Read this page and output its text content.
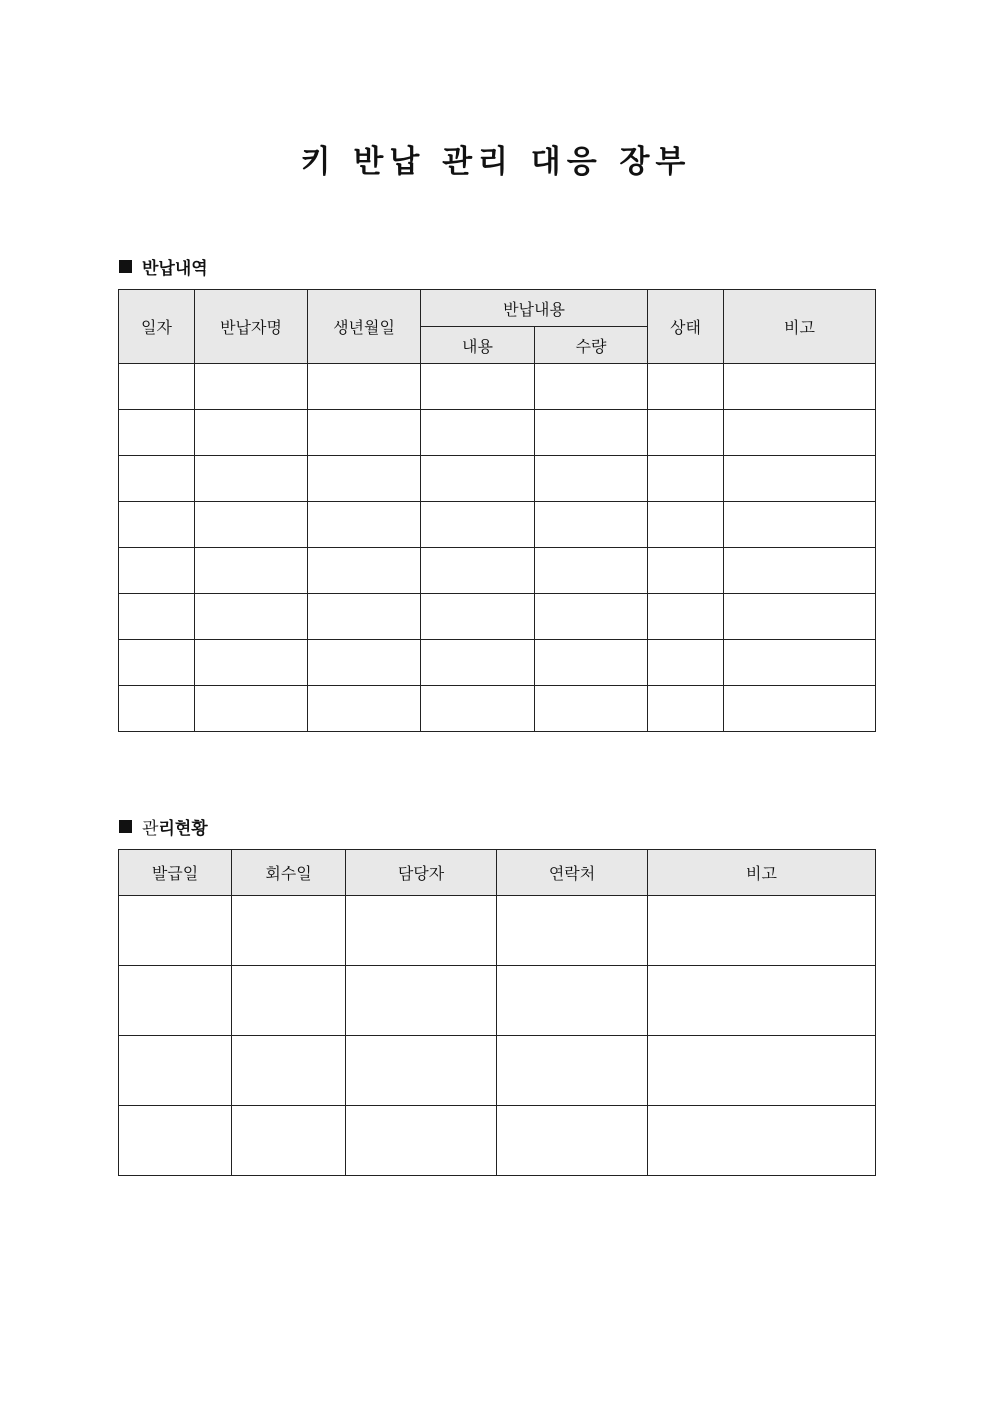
키 반납 관리 대응 장부
반납내역
일자	반납자명	생년월일	반납내용		상태	비고
			내용	수량		

관리현황
발급일	회수일	담당자	연락처	비고
